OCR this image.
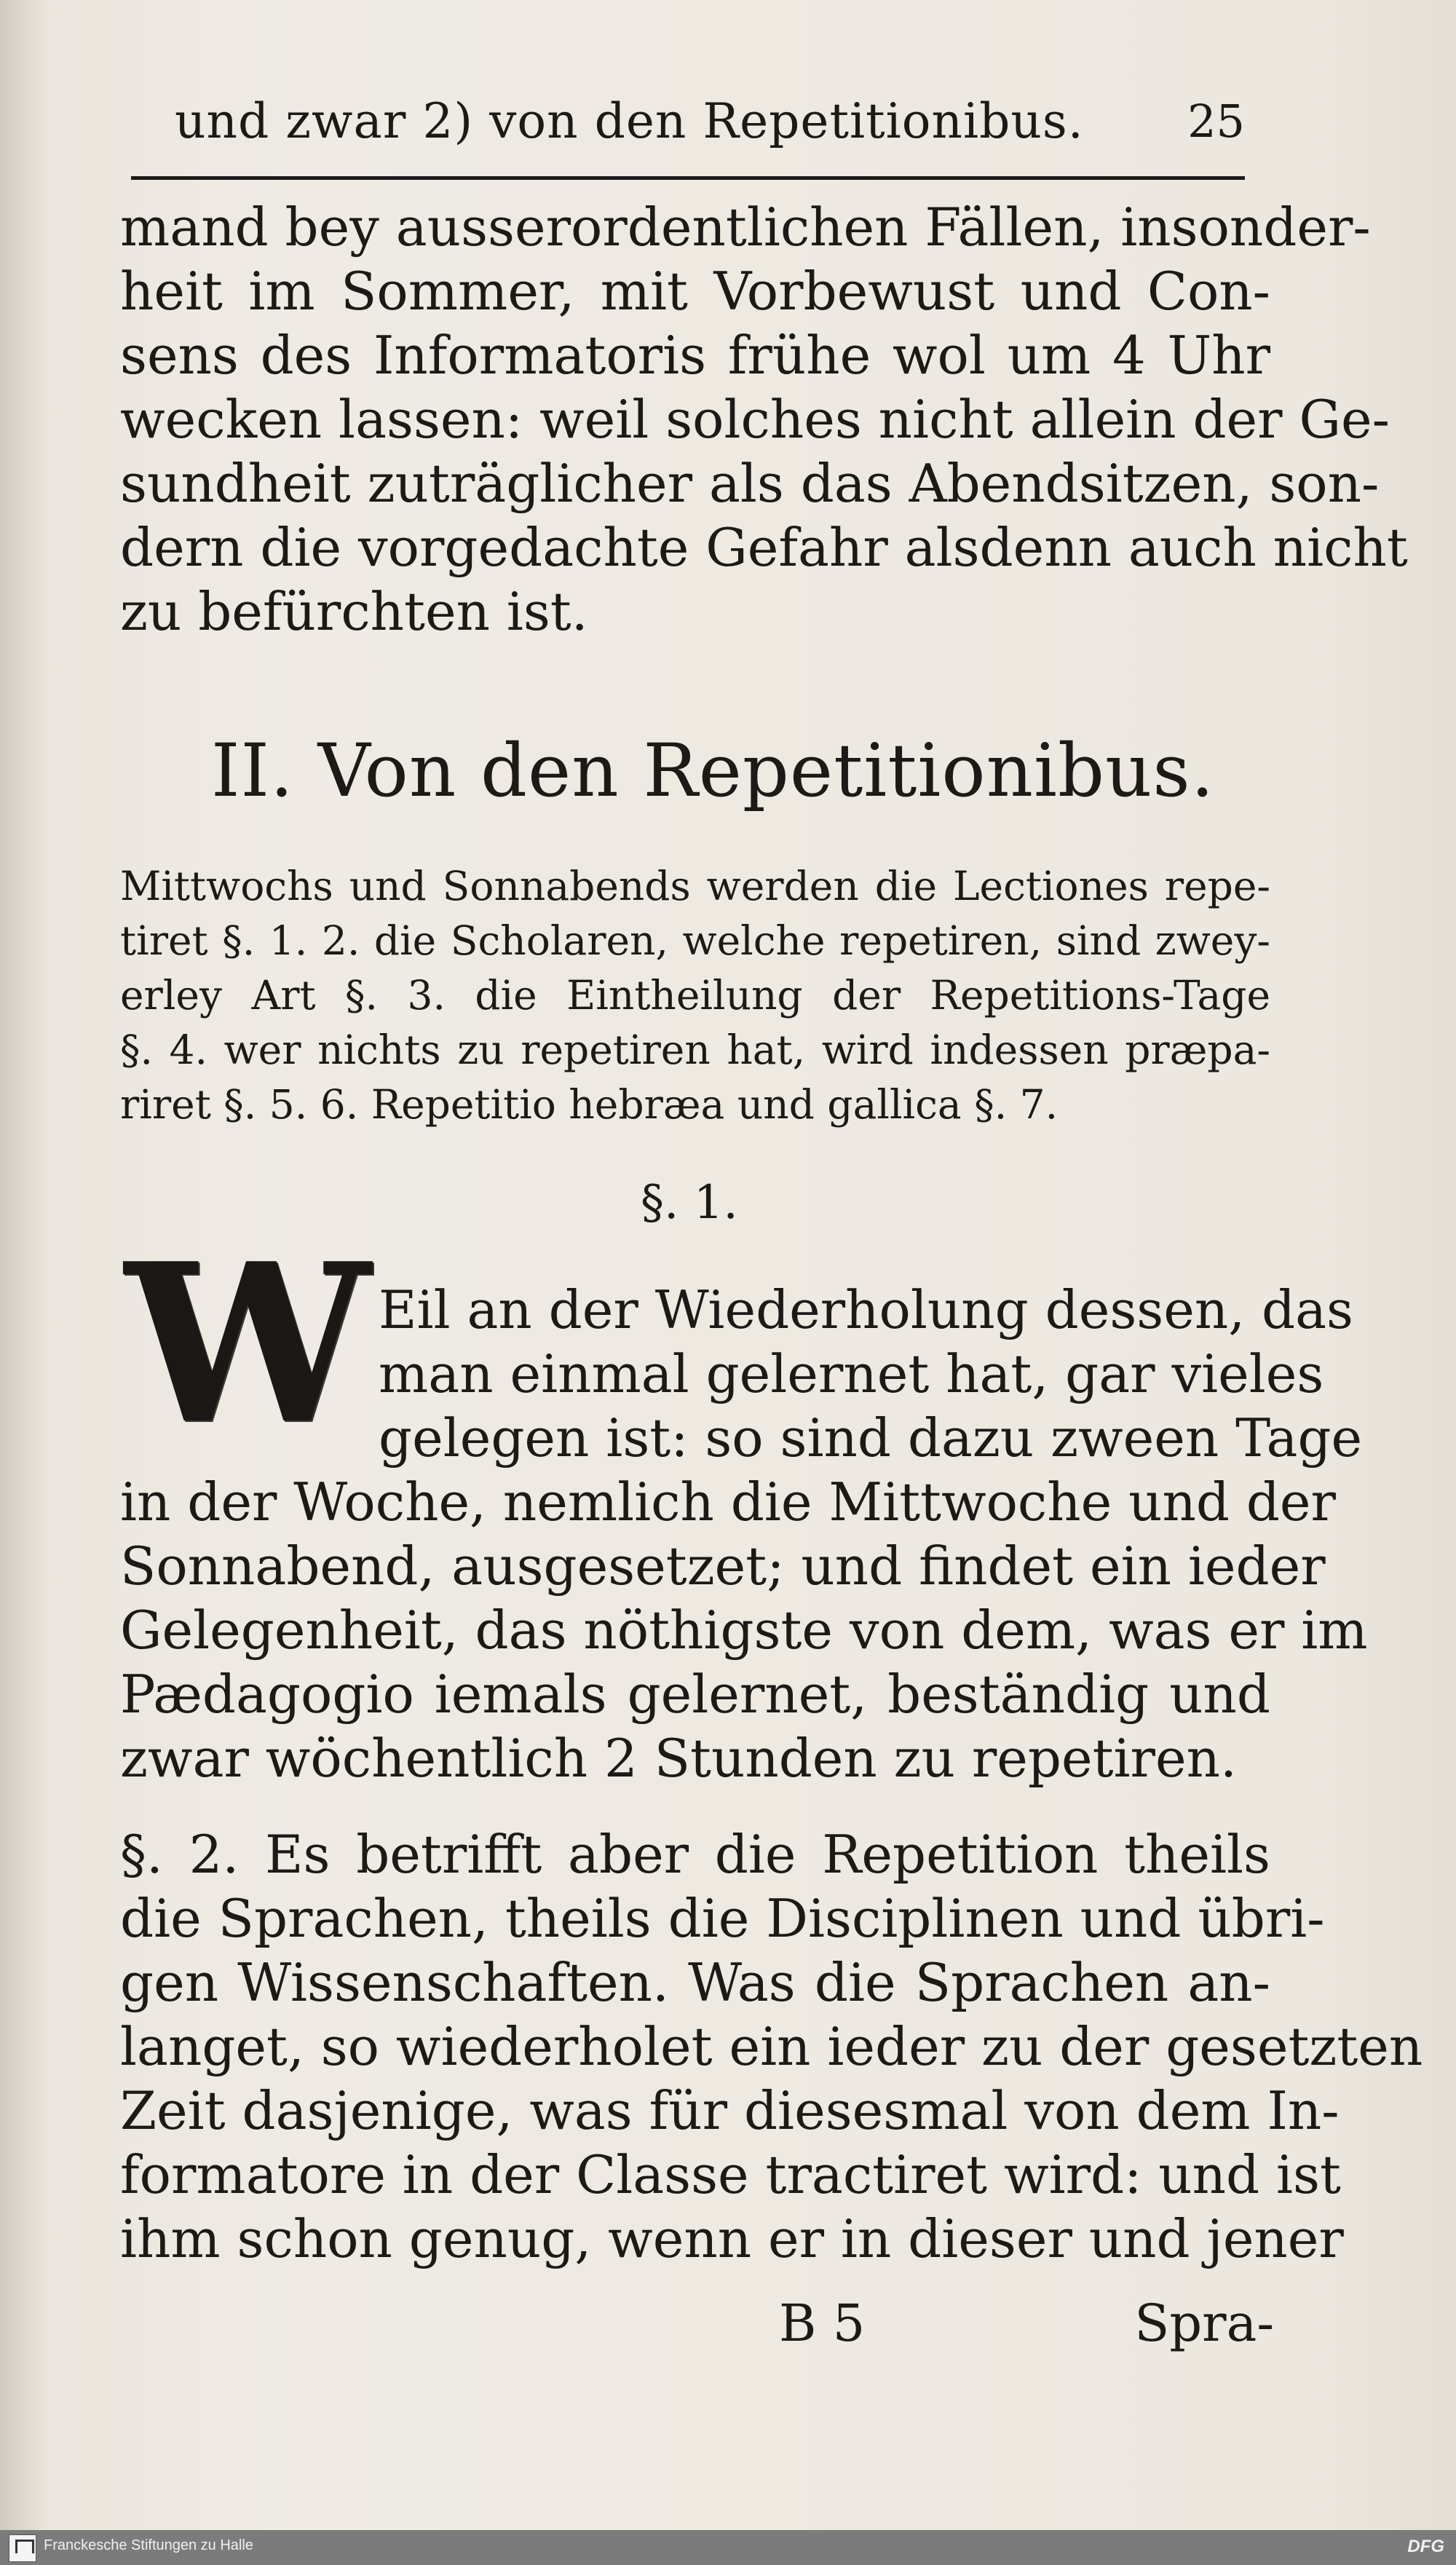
und zwar 2) von den Repetitionibus. 25
mand bey ausserordentlichen Fällen, insonder-
heit im Sommer, mit Vorbewust und Con-
sens des Informatoris frühe wol um 4 Uhr
wecken lassen: weil solches nicht allein der Ge-
sundheit zuträglicher als das Abendsitzen, son-
dern die vorgedachte Gefahr alsdenn auch nicht
zu befürchten ist.
II. Von den Repetitionibus.
Mittwochs und Sonnabends werden die Lectiones repe-
tiret §. 1. 2. die Scholaren, welche repetiren, sind zwey-
erley Art §. 3. die Eintheilung der Repetitions-Tage
§. 4. wer nichts zu repetiren hat, wird indessen præpa-
riret §. 5. 6. Repetitio hebræa und gallica §. 7.
§. 1.
W Eil an der Wiederholung dessen, das
man einmal gelernet hat, gar vieles
gelegen ist: so sind dazu zween Tage
in der Woche, nemlich die Mittwoche und der
Sonnabend, ausgesetzet; und findet ein ieder
Gelegenheit, das nöthigste von dem, was er im
Pædagogio iemals gelernet, beständig und
zwar wöchentlich 2 Stunden zu repetiren.
§. 2. Es betrifft aber die Repetition theils
die Sprachen, theils die Disciplinen und übri-
gen Wissenschaften. Was die Sprachen an-
langet, so wiederholet ein ieder zu der gesetzten
Zeit dasjenige, was für diesesmal von dem In-
formatore in der Classe tractiret wird: und ist
ihm schon genug, wenn er in dieser und jener
B 5	Spra-
Franckesche Stiftungen zu Halle	DFG
